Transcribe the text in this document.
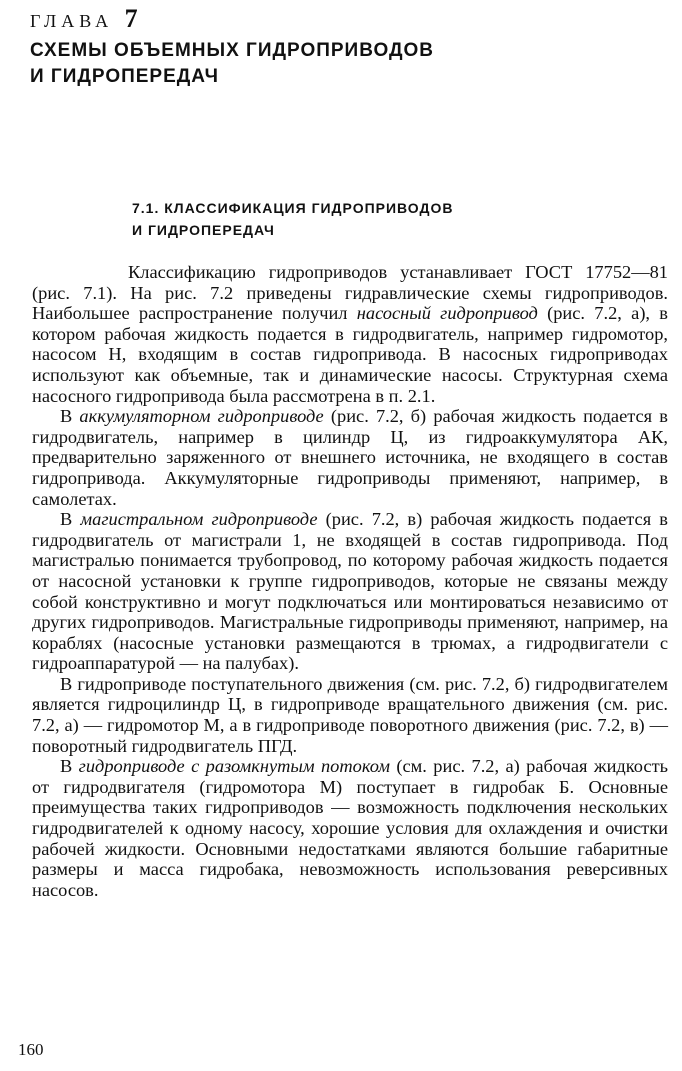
ГЛАВА 7
СХЕМЫ ОБЪЕМНЫХ ГИДРОПРИВОДОВ
И ГИДРОПЕРЕДАЧ
7.1. КЛАССИФИКАЦИЯ ГИДРОПРИВОДОВ
И ГИДРОПЕРЕДАЧ

Классификацию гидроприводов устанавливает ГОСТ 17752—81 (рис. 7.1). На рис. 7.2 приведены гидравлические схемы гидроприводов. Наибольшее распространение получил насосный гидропривод (рис. 7.2, а), в котором рабочая жидкость подается в гидродвигатель, например гидромотор, насосом Н, входящим в состав гидропривода. В насосных гидроприводах используют как объемные, так и динамические насосы. Структурная схема насосного гидропривода была рассмотрена в п. 2.1.

В аккумуляторном гидроприводе (рис. 7.2, б) рабочая жидкость подается в гидродвигатель, например в цилиндр Ц, из гидроаккумулятора АК, предварительно заряженного от внешнего источника, не входящего в состав гидропривода. Аккумуляторные гидроприводы применяют, например, в самолетах.

В магистральном гидроприводе (рис. 7.2, в) рабочая жидкость подается в гидродвигатель от магистрали 1, не входящей в состав гидропривода. Под магистралью понимается трубопровод, по которому рабочая жидкость подается от насосной установки к группе гидроприводов, которые не связаны между собой конструктивно и могут подключаться или монтироваться независимо от других гидроприводов. Магистральные гидроприводы применяют, например, на кораблях (насосные установки размещаются в трюмах, а гидродвигатели с гидроаппаратурой — на палубах).

В гидроприводе поступательного движения (см. рис. 7.2, б) гидродвигателем является гидроцилиндр Ц, в гидроприводе вращательного движения (см. рис. 7.2, а) — гидромотор М, а в гидроприводе поворотного движения (рис. 7.2, в) — поворотный гидродвигатель ПГД.

В гидроприводе с разомкнутым потоком (см. рис. 7.2, а) рабочая жидкость от гидродвигателя (гидромотора М) поступает в гидробак Б. Основные преимущества таких гидроприводов — возможность подключения нескольких гидродвигателей к одному насосу, хорошие условия для охлаждения и очистки рабочей жидкости. Основными недостатками являются большие габаритные размеры и масса гидробака, невозможность использования реверсивных насосов.

160
